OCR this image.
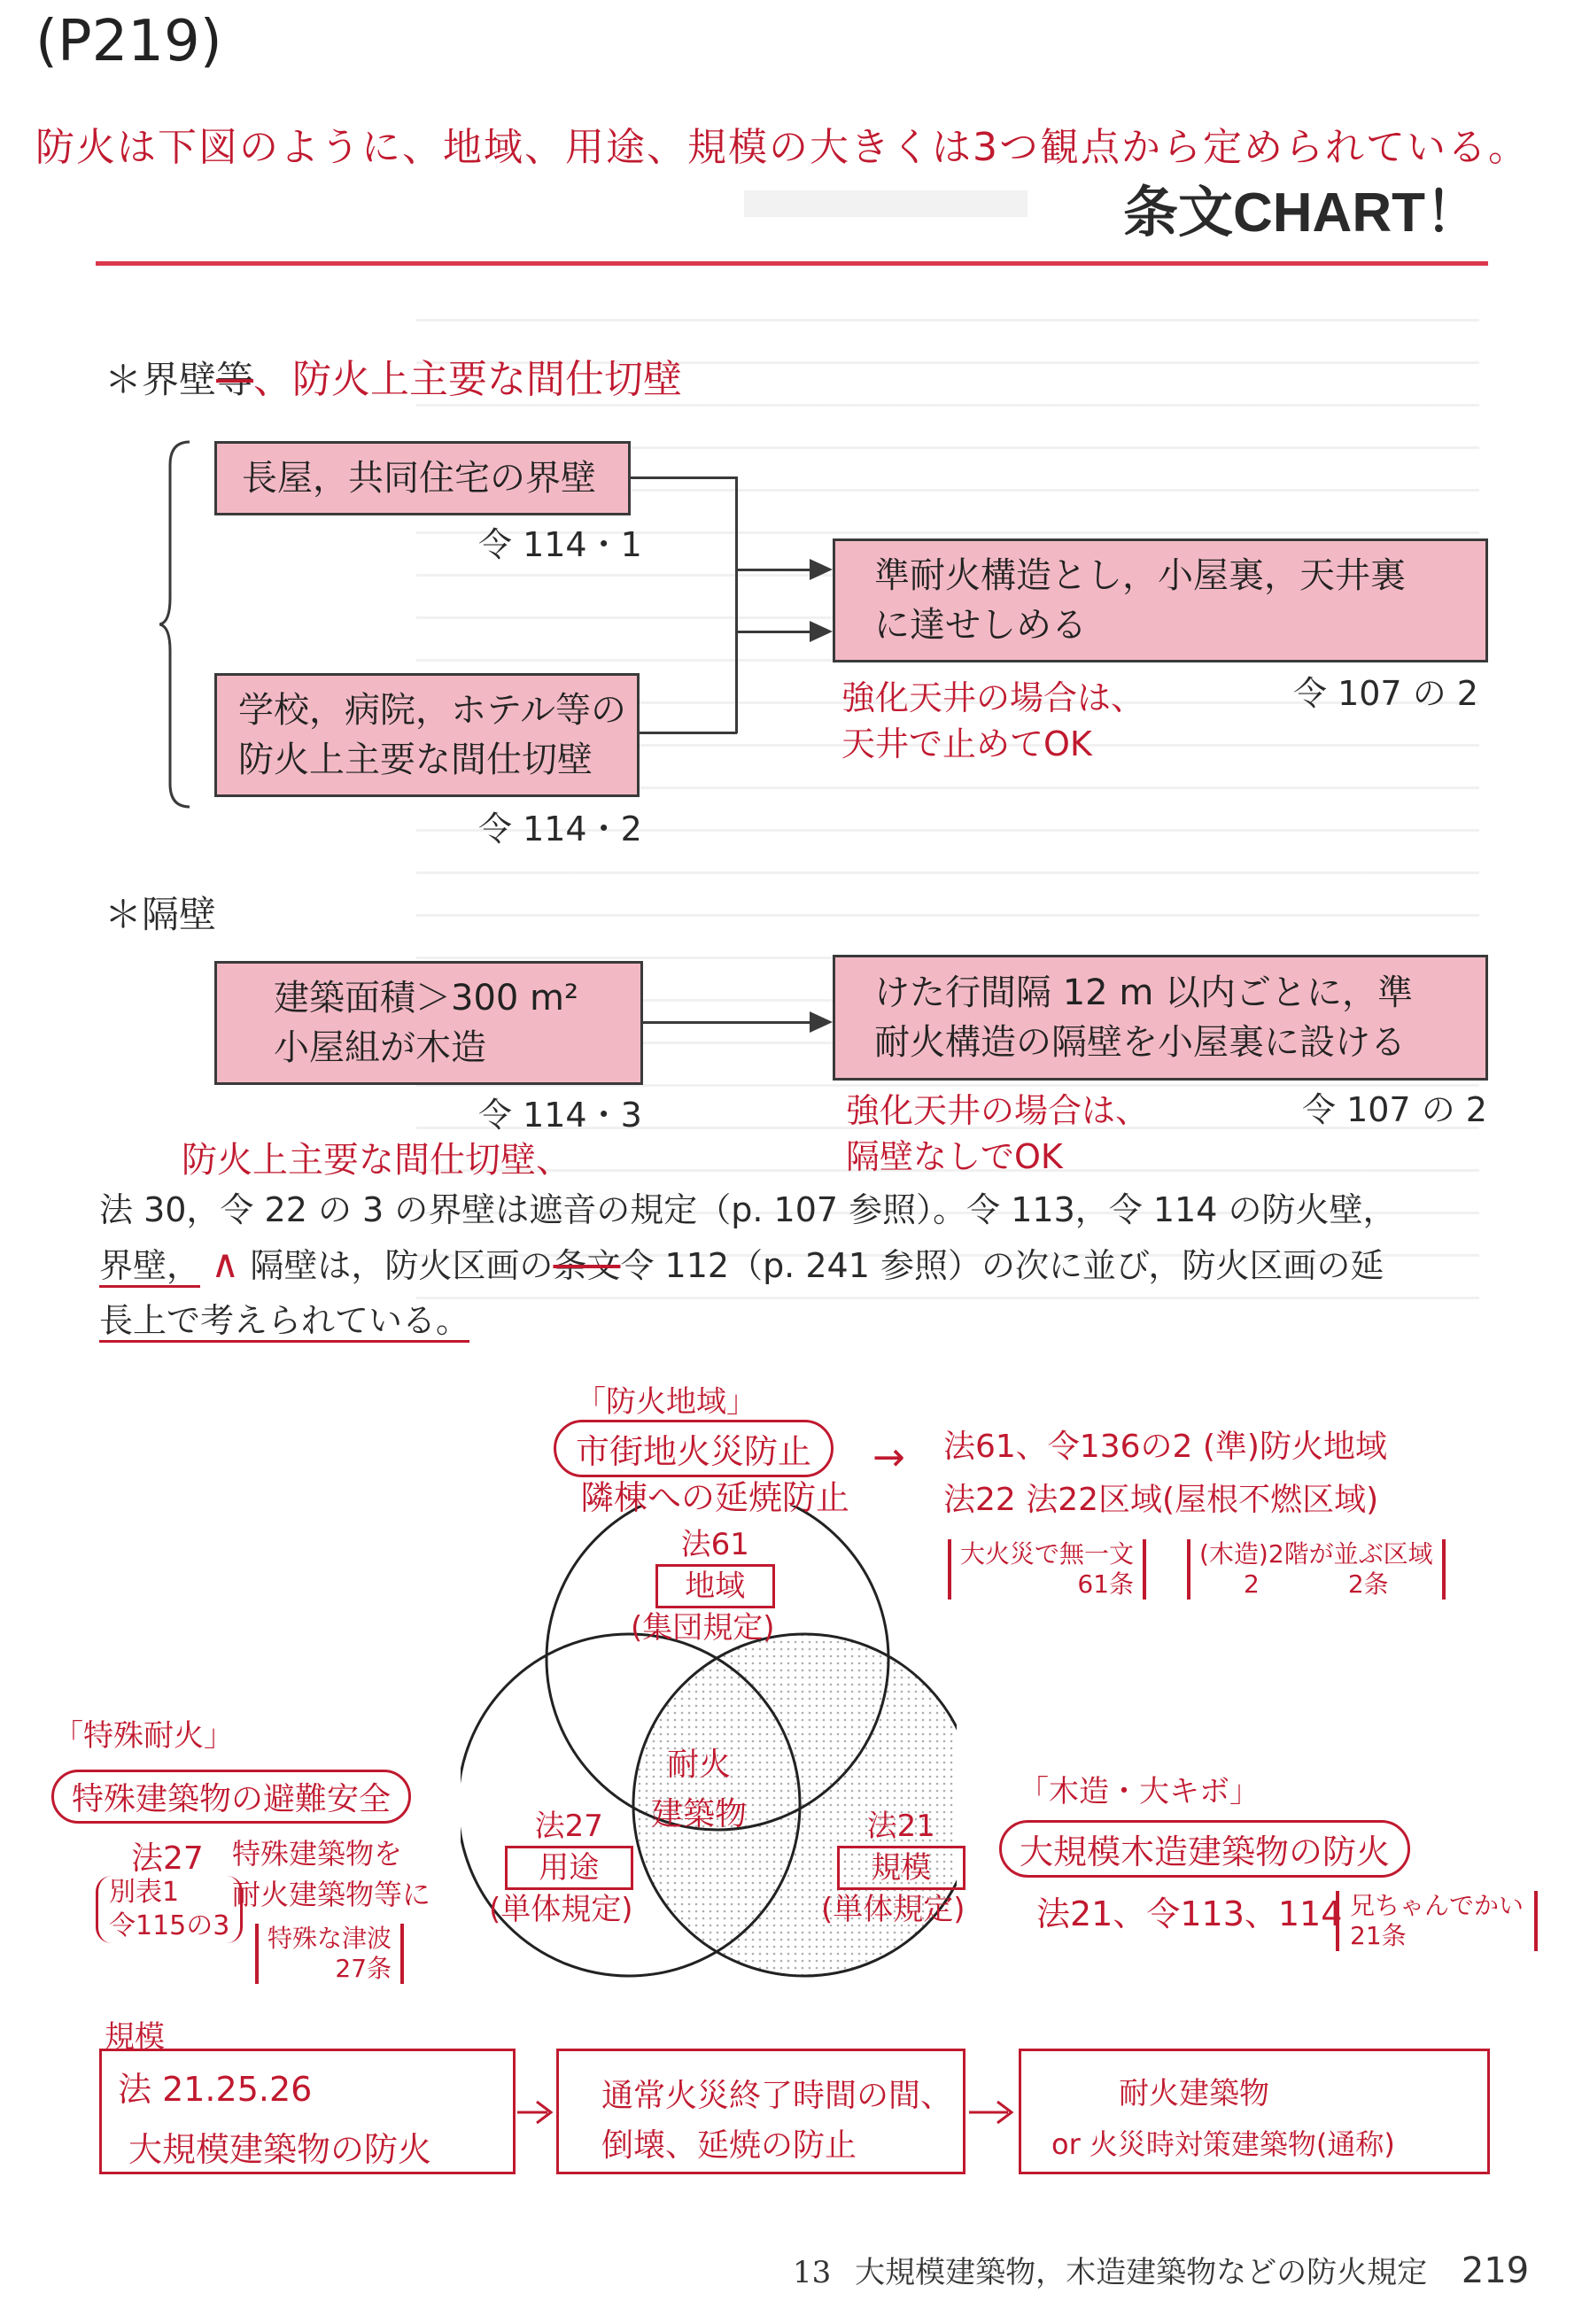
(P219)
防火は下図のように、地域、用途、規模の大きくは3つ観点から定められている。
条文CHART！
＊界壁等、防火上主要な間仕切壁
長屋，共同住宅の界壁
令 114・1
学校，病院，ホテル等の
防火上主要な間仕切壁
令 114・2
準耐火構造とし，小屋裏，天井裏
に達せしめる
令 107 の 2
強化天井の場合は、
天井で止めてOK
＊隔壁
建築面積＞300 m²
小屋組が木造
令 114・3
けた行間隔 12 m 以内ごとに，準
耐火構造の隔壁を小屋裏に設ける
令 107 の 2
強化天井の場合は、
隔壁なしでOK
防火上主要な間仕切壁、
法 30，令 22 の 3 の界壁は遮音の規定（p. 107 参照）。令 113，令 114 の防火壁，
界壁， ∧ 隔壁は，防火区画の条文令 112（p. 241 参照）の次に並び，防火区画の延
長上で考えられている。
法61
地域
(集団規定)
法27
用途
(単体規定)
法21
規模
(単体規定)
耐火
建築物
「防火地域」
市街地火災防止
隣棟への延焼防止
→ 法61、令136の2 (準)防火地域
法22 法22区域(屋根不燃区域)
大火災で無一文
61条
(木造)2階が並ぶ区域
2	2条
「特殊耐火」
特殊建築物の避難安全
法27
別表1
令115の3
特殊建築物を
耐火建築物等に
特殊な津波
27条
「木造・大キボ」
大規模木造建築物の防火
法21、令113、114 兄ちゃんでかい
21条
規模
法 21.25.26
大規模建築物の防火
通常火災終了時間の間、
倒壊、延焼の防止
耐火建築物
or 火災時対策建築物(通称)
13 大規模建築物，木造建築物などの防火規定 219
